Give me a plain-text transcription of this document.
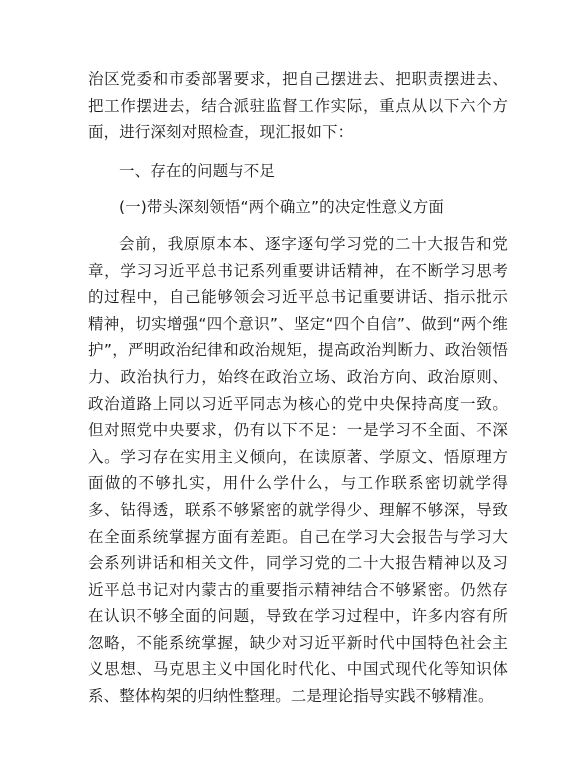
治区党委和市委部署要求，把自己摆进去、把职责摆进去、把工作摆进去，结合派驻监督工作实际，重点从以下六个方面，进行深刻对照检查，现汇报如下：

一、存在的问题与不足

(一)带头深刻领悟“两个确立”的决定性意义方面

会前，我原原本本、逐字逐句学习党的二十大报告和党章，学习习近平总书记系列重要讲话精神，在不断学习思考的过程中，自己能够领会习近平总书记重要讲话、指示批示精神，切实增强“四个意识”、坚定“四个自信”、做到“两个维护”，严明政治纪律和政治规矩，提高政治判断力、政治领悟力、政治执行力，始终在政治立场、政治方向、政治原则、政治道路上同以习近平同志为核心的党中央保持高度一致。但对照党中央要求，仍有以下不足：一是学习不全面、不深入。学习存在实用主义倾向，在读原著、学原文、悟原理方面做的不够扎实，用什么学什么，与工作联系密切就学得多、钻得透，联系不够紧密的就学得少、理解不够深，导致在全面系统掌握方面有差距。自己在学习大会报告与学习大会系列讲话和相关文件，同学习党的二十大报告精神以及习近平总书记对内蒙古的重要指示精神结合不够紧密。仍然存在认识不够全面的问题，导致在学习过程中，许多内容有所忽略，不能系统掌握，缺少对习近平新时代中国特色社会主义思想、马克思主义中国化时代化、中国式现代化等知识体系、整体构架的归纳性整理。二是理论指导实践不够精准。
